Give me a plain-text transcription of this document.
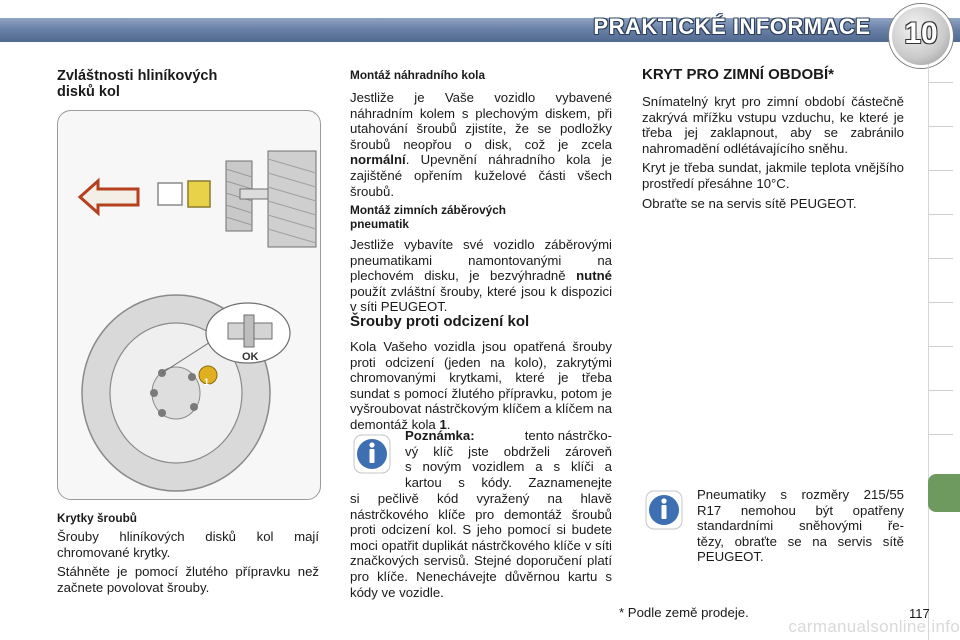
PRAKTICKÉ INFORMACE	10

Zvláštnosti hliníkových

disků kol

OK
1

Krytky šroubů

Šrouby hliníkových disků kol mají chromované krytky.

Stáhněte je pomocí žlutého přípravku než začnete povolovat šrouby.

Montáž náhradního kola

Jestliže je Vaše vozidlo vybavené náhradním kolem s plechovým diskem, při utahování šroubů zjistíte, že se podložky šroubů neopřou o disk, což je zcela normální. Upevnění náhradního kola je zajištěné opřením kuželové části všech šroubů.

Montáž zimních záběrových
pneumatik

Jestliže vybavíte své vozidlo záběrovými pneumatikami namontovanými na plechovém disku, je bezvýhradně nutné použít zvláštní šrouby, které jsou k dispozici v síti PEUGEOT.

Šrouby proti odcizení kol

Kola Vašeho vozidla jsou opatřená šrouby proti odcizení (jeden na kolo), zakrytými chromovanými krytkami, které je třeba sundat s pomocí žlutého přípravku, potom je vyšroubovat nástrčkovým klíčem a klíčem na demontáž kola 1.

Poznámka:	tento nástrčko-
vý klíč jste obdrželi zároveň
s novým vozidlem a s klíči a
kartou s kódy. Zaznamenejte

si pečlivě kód vyražený na hlavě nástrčkového klíče pro demontáž šroubů proti odcizení kol. S jeho pomocí si budete moci opatřit duplikát nástrčkového klíče v síti značkových servisů. Stejné doporučení platí pro klíče. Nenechávejte důvěrnou kartu s kódy ve vozidle.

KRYT PRO ZIMNÍ OBDOBÍ*

Snímatelný kryt pro zimní období částečně zakrývá mřížku vstupu vzduchu, ke které je třeba jej zaklapnout, aby se zabránilo nahromadění odlétávajícího sněhu.

Kryt je třeba sundat, jakmile teplota vnějšího prostředí přesáhne 10°C.

Obraťte se na servis sítě PEUGEOT.

Pneumatiky s rozměry 215/55
R17 nemohou být opatřeny
standardními sněhovými ře-
tězy, obraťte se na servis sítě
PEUGEOT.
* Podle země prodeje.	117
carmanualsonline.info
